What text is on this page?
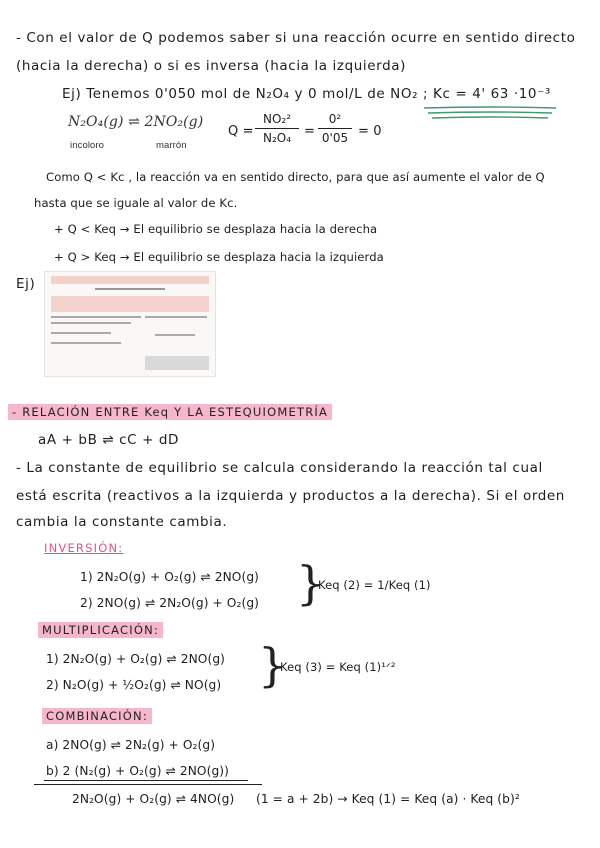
- Con el valor de Q podemos saber si una reacción ocurre en sentido directo
(hacia la derecha) o si es inversa (hacia la izquierda)
Ej) Tenemos 0'050 mol de N₂O₄ y 0 mol/L de NO₂ ; Kc = 4' 63 ·10⁻³
N₂O₄(g) ⇌ 2NO₂(g)
incoloro	marrón
Q =
NO₂²
N₂O₄ =
0²
0'05 = 0
Como Q < Kc , la reacción va en sentido directo, para que así aumente el valor de Q
hasta que se iguale al valor de Kc.
+ Q < Keq → El equilibrio se desplaza hacia la derecha
+ Q > Keq → El equilibrio se desplaza hacia la izquierda
Ej)
- RELACIÓN ENTRE Keq Y LA ESTEQUIOMETRÍA
aA + bB ⇌ cC + dD
- La constante de equilibrio se calcula considerando la reacción tal cual
está escrita (reactivos a la izquierda y productos a la derecha). Si el orden
cambia la constante cambia.
INVERSIÓN:
1) 2N₂O(g) + O₂(g) ⇌ 2NO(g)
2) 2NO(g) ⇌ 2N₂O(g) + O₂(g) }
Keq (2) = 1/Keq (1)
MULTIPLICACIÓN:
1) 2N₂O(g) + O₂(g) ⇌ 2NO(g)
2) N₂O(g) + ½O₂(g) ⇌ NO(g) }
Keq (3) = Keq (1)¹ᐟ²
COMBINACIÓN:
a) 2NO(g) ⇌ 2N₂(g) + O₂(g)
b) 2 (N₂(g) + O₂(g) ⇌ 2NO(g))
2N₂O(g) + O₂(g) ⇌ 4NO(g) (1 = a + 2b) → Keq (1) = Keq (a) · Keq (b)²
